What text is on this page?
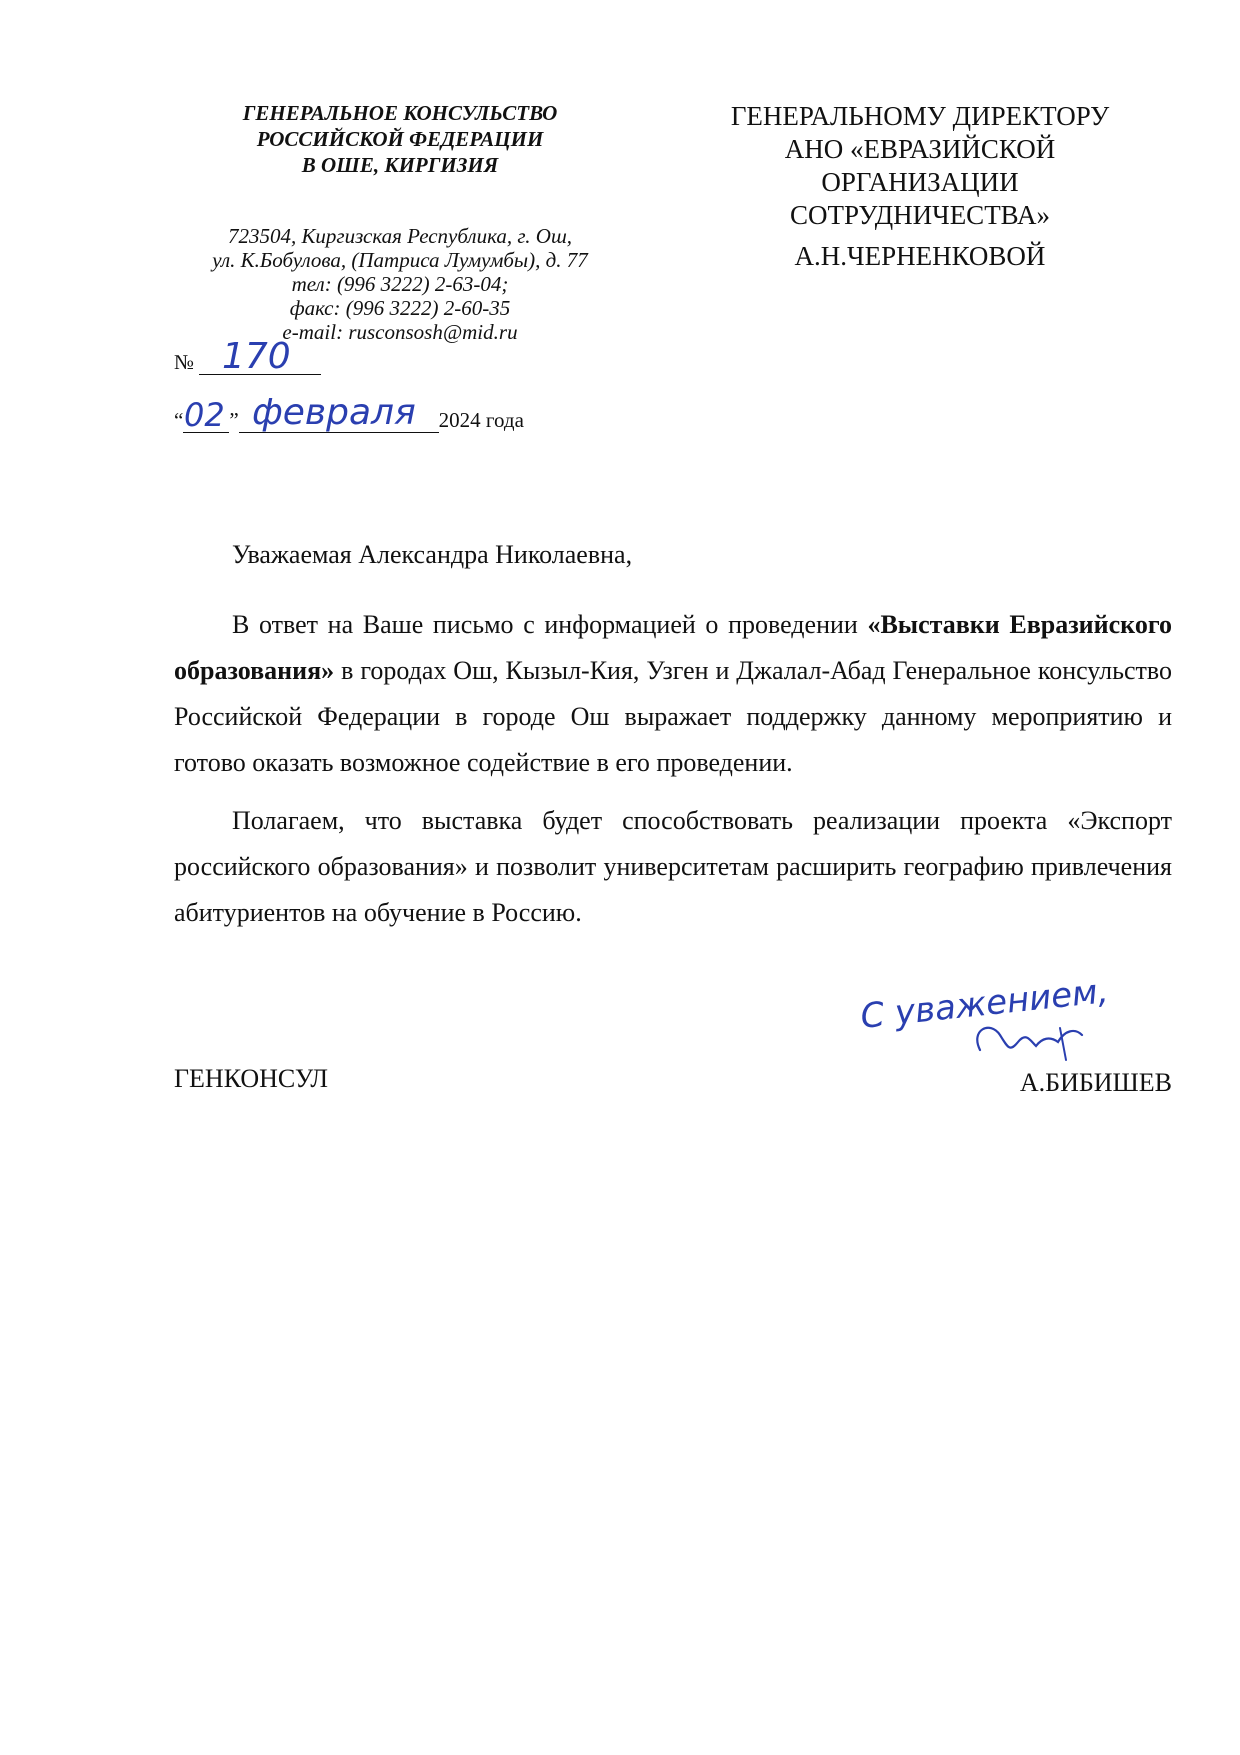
ГЕНЕРАЛЬНОЕ КОНСУЛЬСТВО
РОССИЙСКОЙ ФЕДЕРАЦИИ
В ОШЕ, КИРГИЗИЯ
723504, Киргизская Республика, г. Ош,
ул. К.Бобулова, (Патриса Лумумбы), д. 77
тел: (996 3222) 2-63-04;
факс: (996 3222) 2-60-35
e-mail: rusconsosh@mid.ru
ГЕНЕРАЛЬНОМУ ДИРЕКТОРУ
АНО «ЕВРАЗИЙСКОЙ
ОРГАНИЗАЦИИ
СОТРУДНИЧЕСТВА»
А.Н.ЧЕРНЕНКОВОЙ
№ 170
“ ”	2024 года
02 февраля

Уважаемая Александра Николаевна,

В ответ на Ваше письмо с информацией о проведении «Выставки Евразийского образования» в городах Ош, Кызыл-Кия, Узген и Джалал-Абад Генеральное консульство Российской Федерации в городе Ош выражает поддержку данному мероприятию и готово оказать возможное содействие в его проведении.

Полагаем, что выставка будет способствовать реализации проекта «Экспорт российского образования» и позволит университетам расширить географию привлечения абитуриентов на обучение в Россию.

С уважением,
ГЕНКОНСУЛ	А.БИБИШЕВ
